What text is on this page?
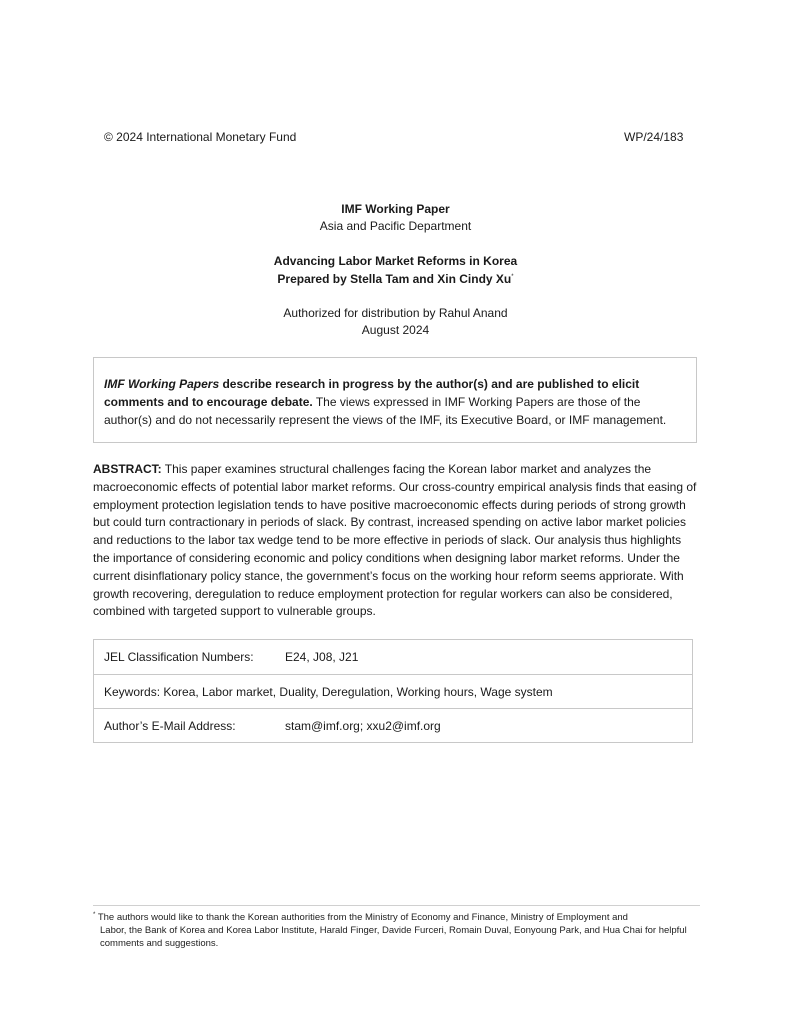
© 2024 International Monetary Fund	WP/24/183
IMF Working Paper
Asia and Pacific Department
Advancing Labor Market Reforms in Korea
Prepared by Stella Tam and Xin Cindy Xu*
Authorized for distribution by Rahul Anand
August 2024
IMF Working Papers describe research in progress by the author(s) and are published to elicit comments and to encourage debate. The views expressed in IMF Working Papers are those of the author(s) and do not necessarily represent the views of the IMF, its Executive Board, or IMF management.
ABSTRACT: This paper examines structural challenges facing the Korean labor market and analyzes the macroeconomic effects of potential labor market reforms. Our cross-country empirical analysis finds that easing of employment protection legislation tends to have positive macroeconomic effects during periods of strong growth but could turn contractionary in periods of slack. By contrast, increased spending on active labor market policies and reductions to the labor tax wedge tend to be more effective in periods of slack. Our analysis thus highlights the importance of considering economic and policy conditions when designing labor market reforms. Under the current disinflationary policy stance, the government’s focus on the working hour reform seems appriorate. With growth recovering, deregulation to reduce employment protection for regular workers can also be considered, combined with targeted support to vulnerable groups.
JEL Classification Numbers:	E24, J08, J21
Keywords: Korea, Labor market, Duality, Deregulation, Working hours, Wage system
Author’s E-Mail Address:	stam@imf.org; xxu2@imf.org
* The authors would like to thank the Korean authorities from the Ministry of Economy and Finance, Ministry of Employment and
Labor, the Bank of Korea and Korea Labor Institute, Harald Finger, Davide Furceri, Romain Duval, Eonyoung Park, and Hua Chai for helpful comments and suggestions.
